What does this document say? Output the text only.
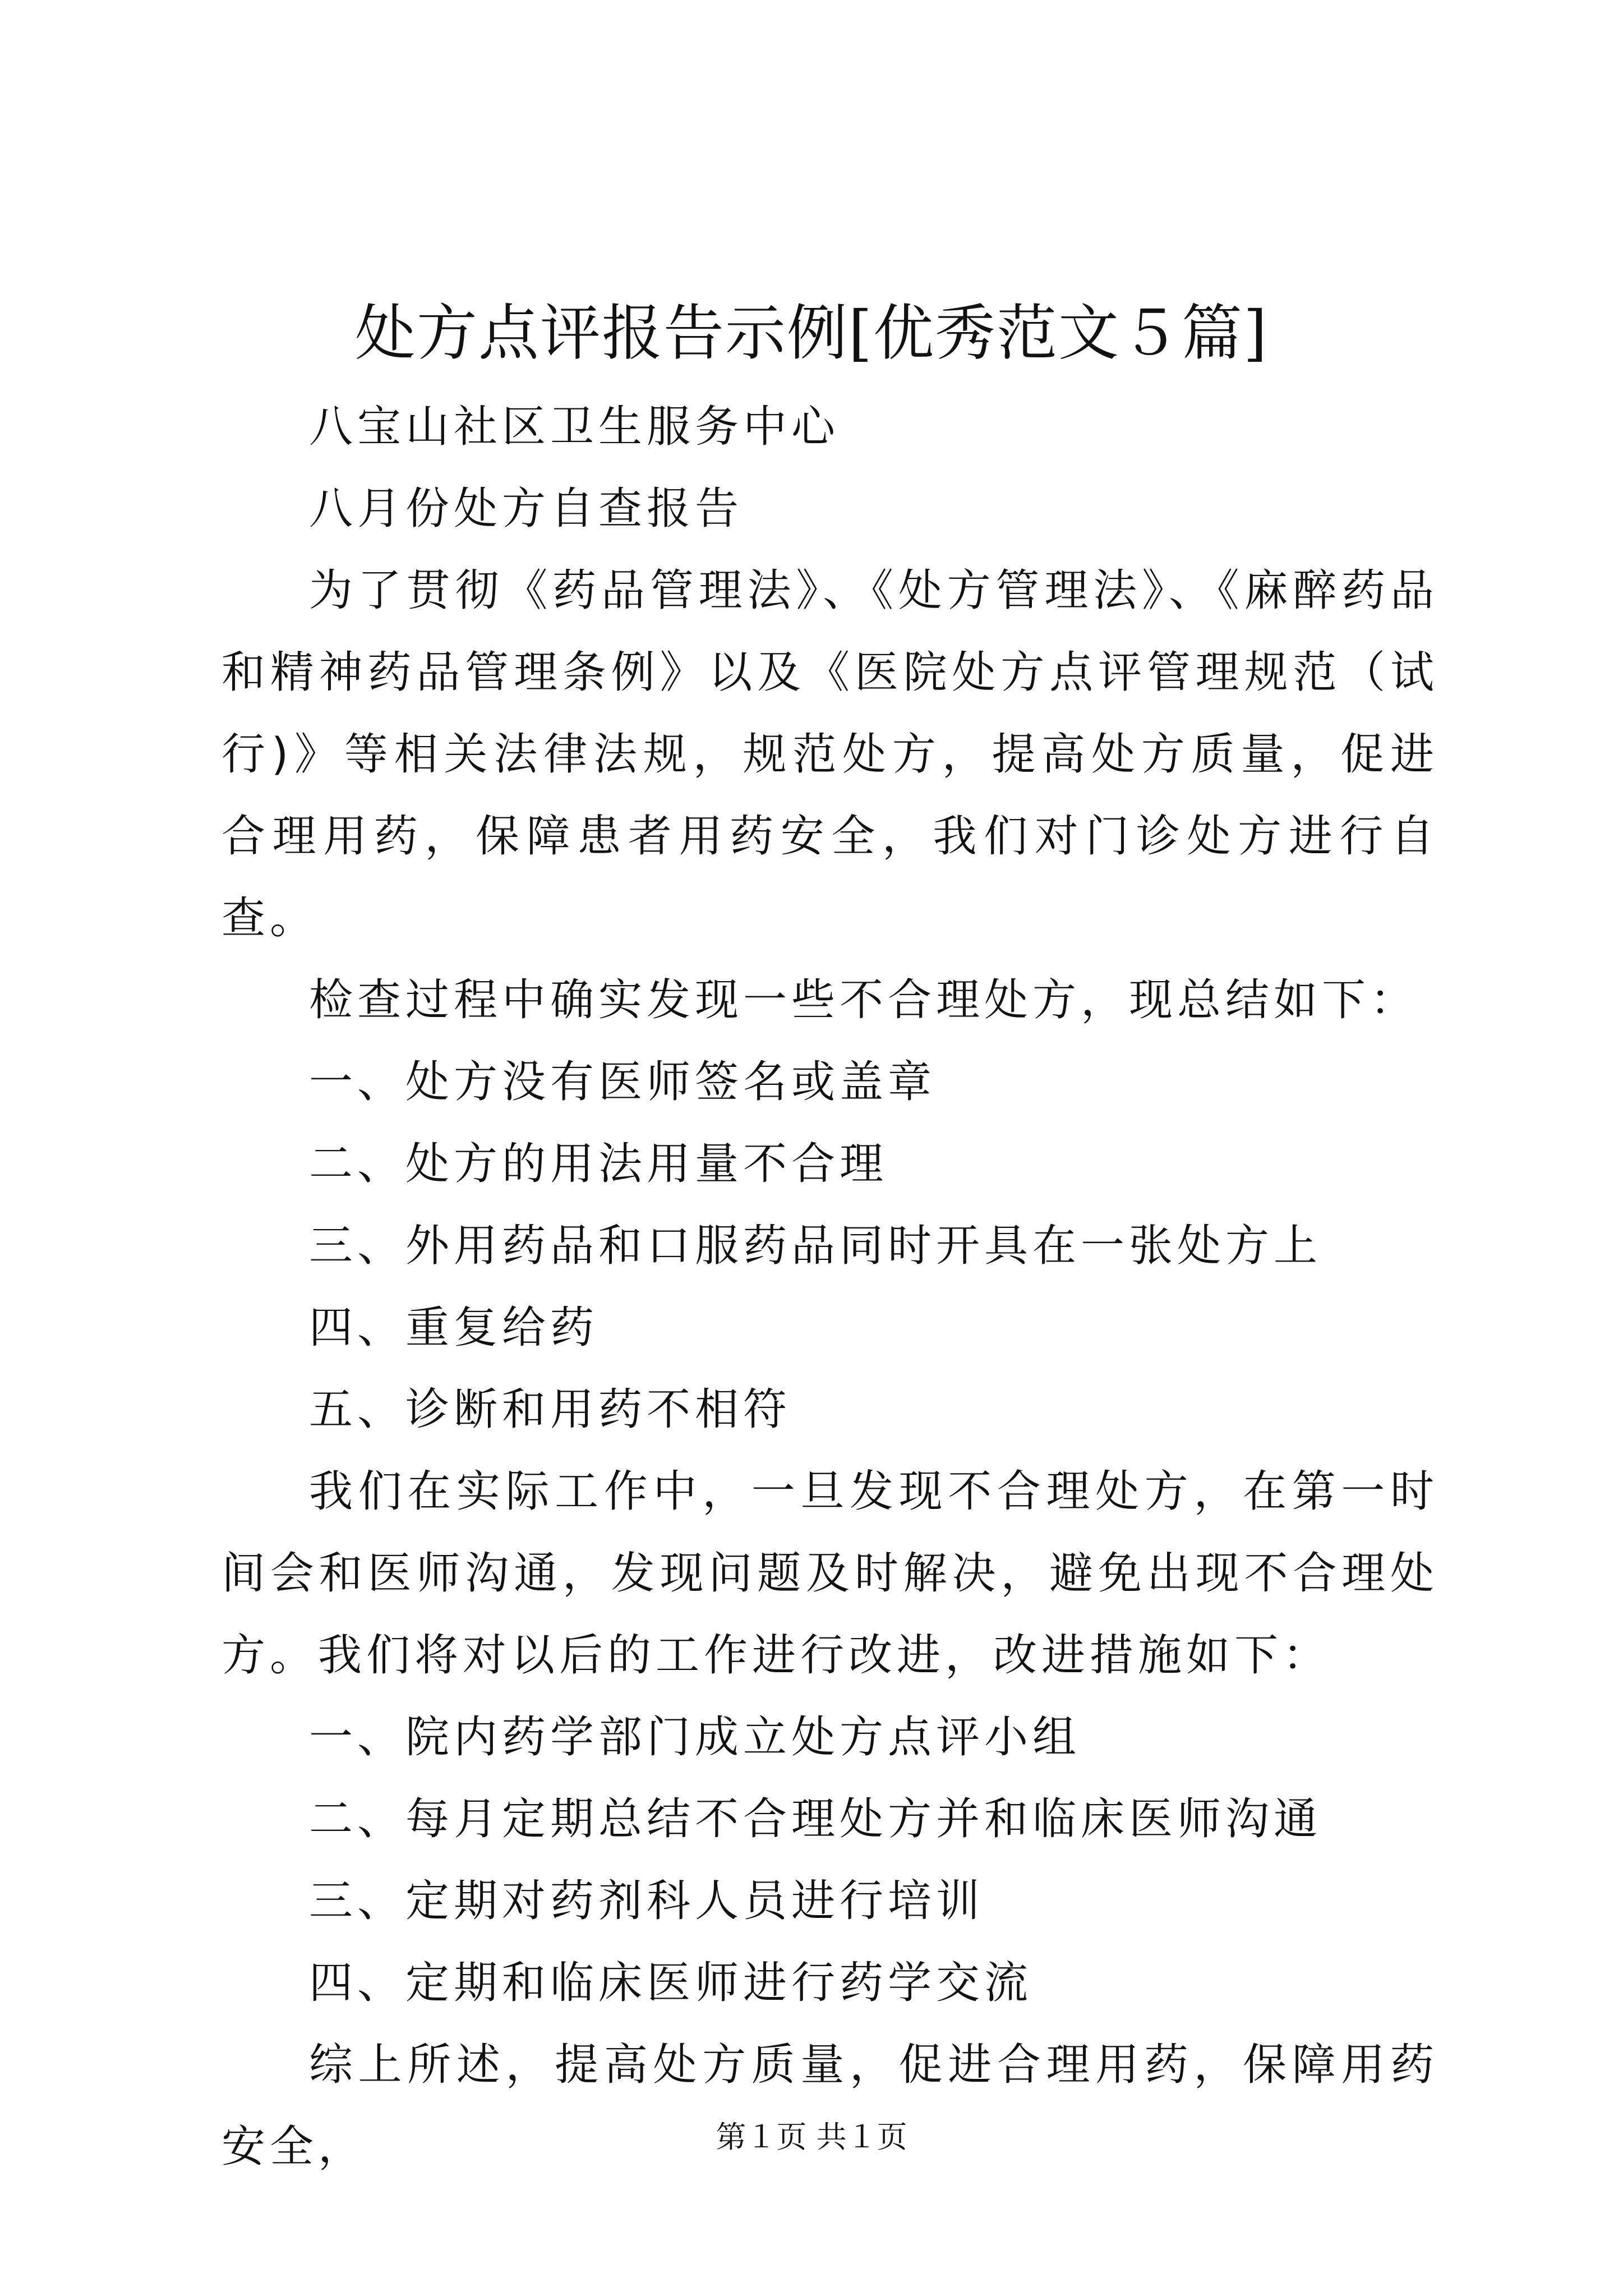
处方点评报告示例[优秀范文５篇]

八宝山社区卫生服务中心

八月份处方自查报告

为了贯彻《药品管理法》、《处方管理法》、《麻醉药品和精神药品管理条例》以及《医院处方点评管理规范（试行)》等相关法律法规，规范处方，提高处方质量，促进合理用药，保障患者用药安全，我们对门诊处方进行自查。

检查过程中确实发现一些不合理处方，现总结如下：

一、处方没有医师签名或盖章

二、处方的用法用量不合理

三、外用药品和口服药品同时开具在一张处方上

四、重复给药

五、诊断和用药不相符

我们在实际工作中，一旦发现不合理处方，在第一时间会和医师沟通，发现问题及时解决，避免出现不合理处方。我们将对以后的工作进行改进，改进措施如下：

一、院内药学部门成立处方点评小组

二、每月定期总结不合理处方并和临床医师沟通

三、定期对药剂科人员进行培训

四、定期和临床医师进行药学交流

综上所述，提高处方质量，促进合理用药，保障用药安全，	第１页 共１页
